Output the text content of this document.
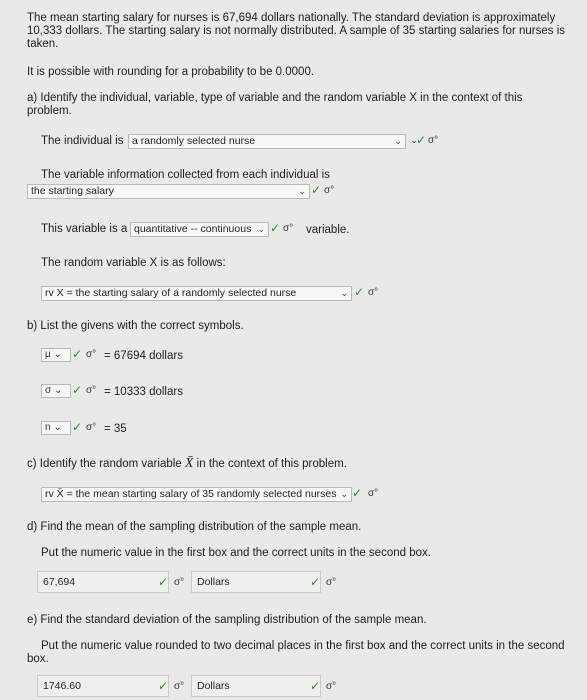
The mean starting salary for nurses is 67,694 dollars nationally. The standard deviation is approximately
10,333 dollars. The starting salary is not normally distributed. A sample of 35 starting salaries for nurses is
taken.
It is possible with rounding for a probability to be 0.0000.
a) Identify the individual, variable, type of variable and the random variable X in the context of this
problem.
The individual is a randomly selected nurse	⌄ ⌄
✓ σ°
The variable information collected from each individual is
the starting salary	⌄ ✓ σ°
This variable is a quantitative -- continuous ⌄ ✓ σ° variable.
The random variable X is as follows:
rv X = the starting salary of a randomly selected nurse	⌄ ✓ σ°
b) List the givens with the correct symbols.
μ ⌄ ✓ σ° = 67694 dollars
σ ⌄ ✓ σ° = 10333 dollars
n ⌄ ✓ σ° = 35
c) Identify the random variable X̄ in the context of this problem.
rv X̄ = the mean starting salary of 35 randomly selected nurses ⌄ ✓ σ°
d) Find the mean of the sampling distribution of the sample mean.
Put the numeric value in the first box and the correct units in the second box.
67,694	✓ σ°	Dollars	✓ σ°
e) Find the standard deviation of the sampling distribution of the sample mean.
Put the numeric value rounded to two decimal places in the first box and the correct units in the second
box.
1746.60	✓ σ°	Dollars	✓ σ°
